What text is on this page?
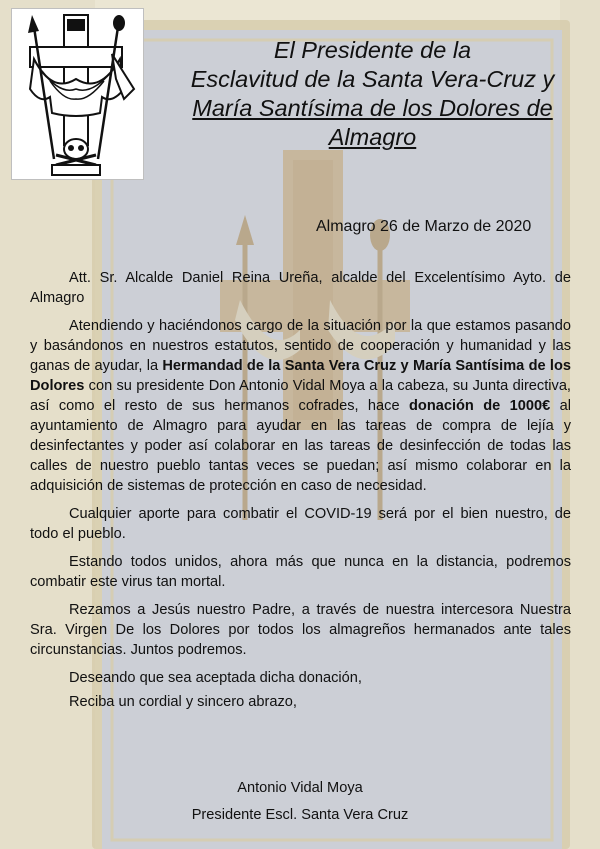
El Presidente de la
Esclavitud de la Santa Vera-Cruz y
María Santísima de los Dolores de
Almagro
Almagro 26 de Marzo de 2020

Att. Sr. Alcalde Daniel Reina Ureña, alcalde del Excelentísimo Ayto. de Almagro

Atendiendo y haciéndonos cargo de la situación por la que estamos pasando y basándonos en nuestros estatutos, sentido de cooperación y humanidad y las ganas de ayudar, la Hermandad de la Santa Vera Cruz y María Santísima de los Dolores con su presidente Don Antonio Vidal Moya a la cabeza, su Junta directiva, así como el resto de sus hermanos cofrades, hace donación de 1000€ al ayuntamiento de Almagro para ayudar en las tareas de compra de lejía y desinfectantes y poder así colaborar en las tareas de desinfección de todas las calles de nuestro pueblo tantas veces se puedan; así mismo colaborar en la adquisición de sistemas de protección en caso de necesidad.

Cualquier aporte para combatir el COVID-19 será por el bien nuestro, de todo el pueblo.

Estando todos unidos, ahora más que nunca en la distancia, podremos combatir este virus tan mortal.

Rezamos a Jesús nuestro Padre, a través de nuestra intercesora Nuestra Sra. Virgen De los Dolores por todos los almagreños hermanados ante tales circunstancias. Juntos podremos.

Deseando que sea aceptada dicha donación,

Reciba un cordial y sincero abrazo,

Antonio Vidal Moya
Presidente Escl. Santa Vera Cruz
